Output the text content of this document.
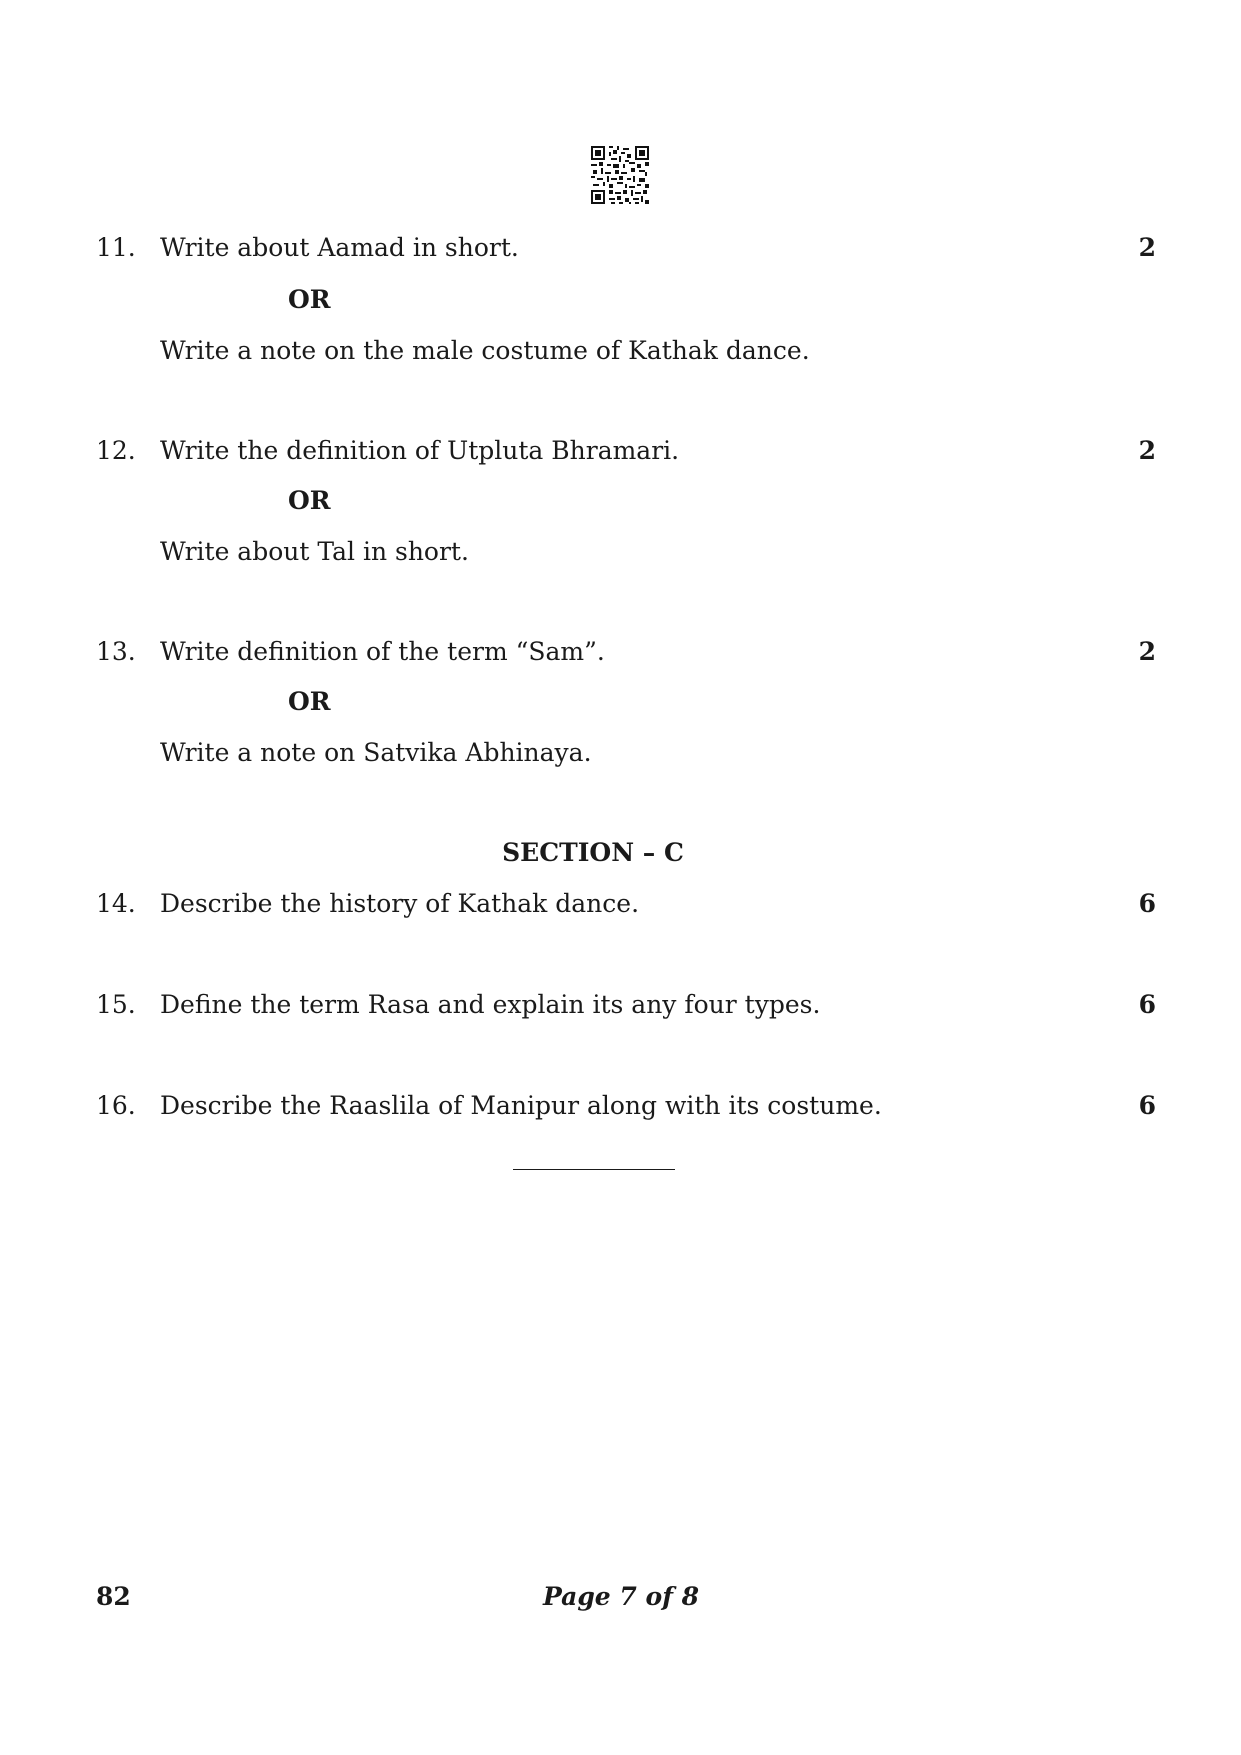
11. Write about Aamad in short.	2
OR
Write a note on the male costume of Kathak dance.
12. Write the definition of Utpluta Bhramari.	2
OR
Write about Tal in short.
13. Write definition of the term “Sam”.	2
OR
Write a note on Satvika Abhinaya.
SECTION – C
14. Describe the history of Kathak dance.	6
15. Define the term Rasa and explain its any four types.	6
16. Describe the Raaslila of Manipur along with its costume.	6
82	Page 7 of 8
